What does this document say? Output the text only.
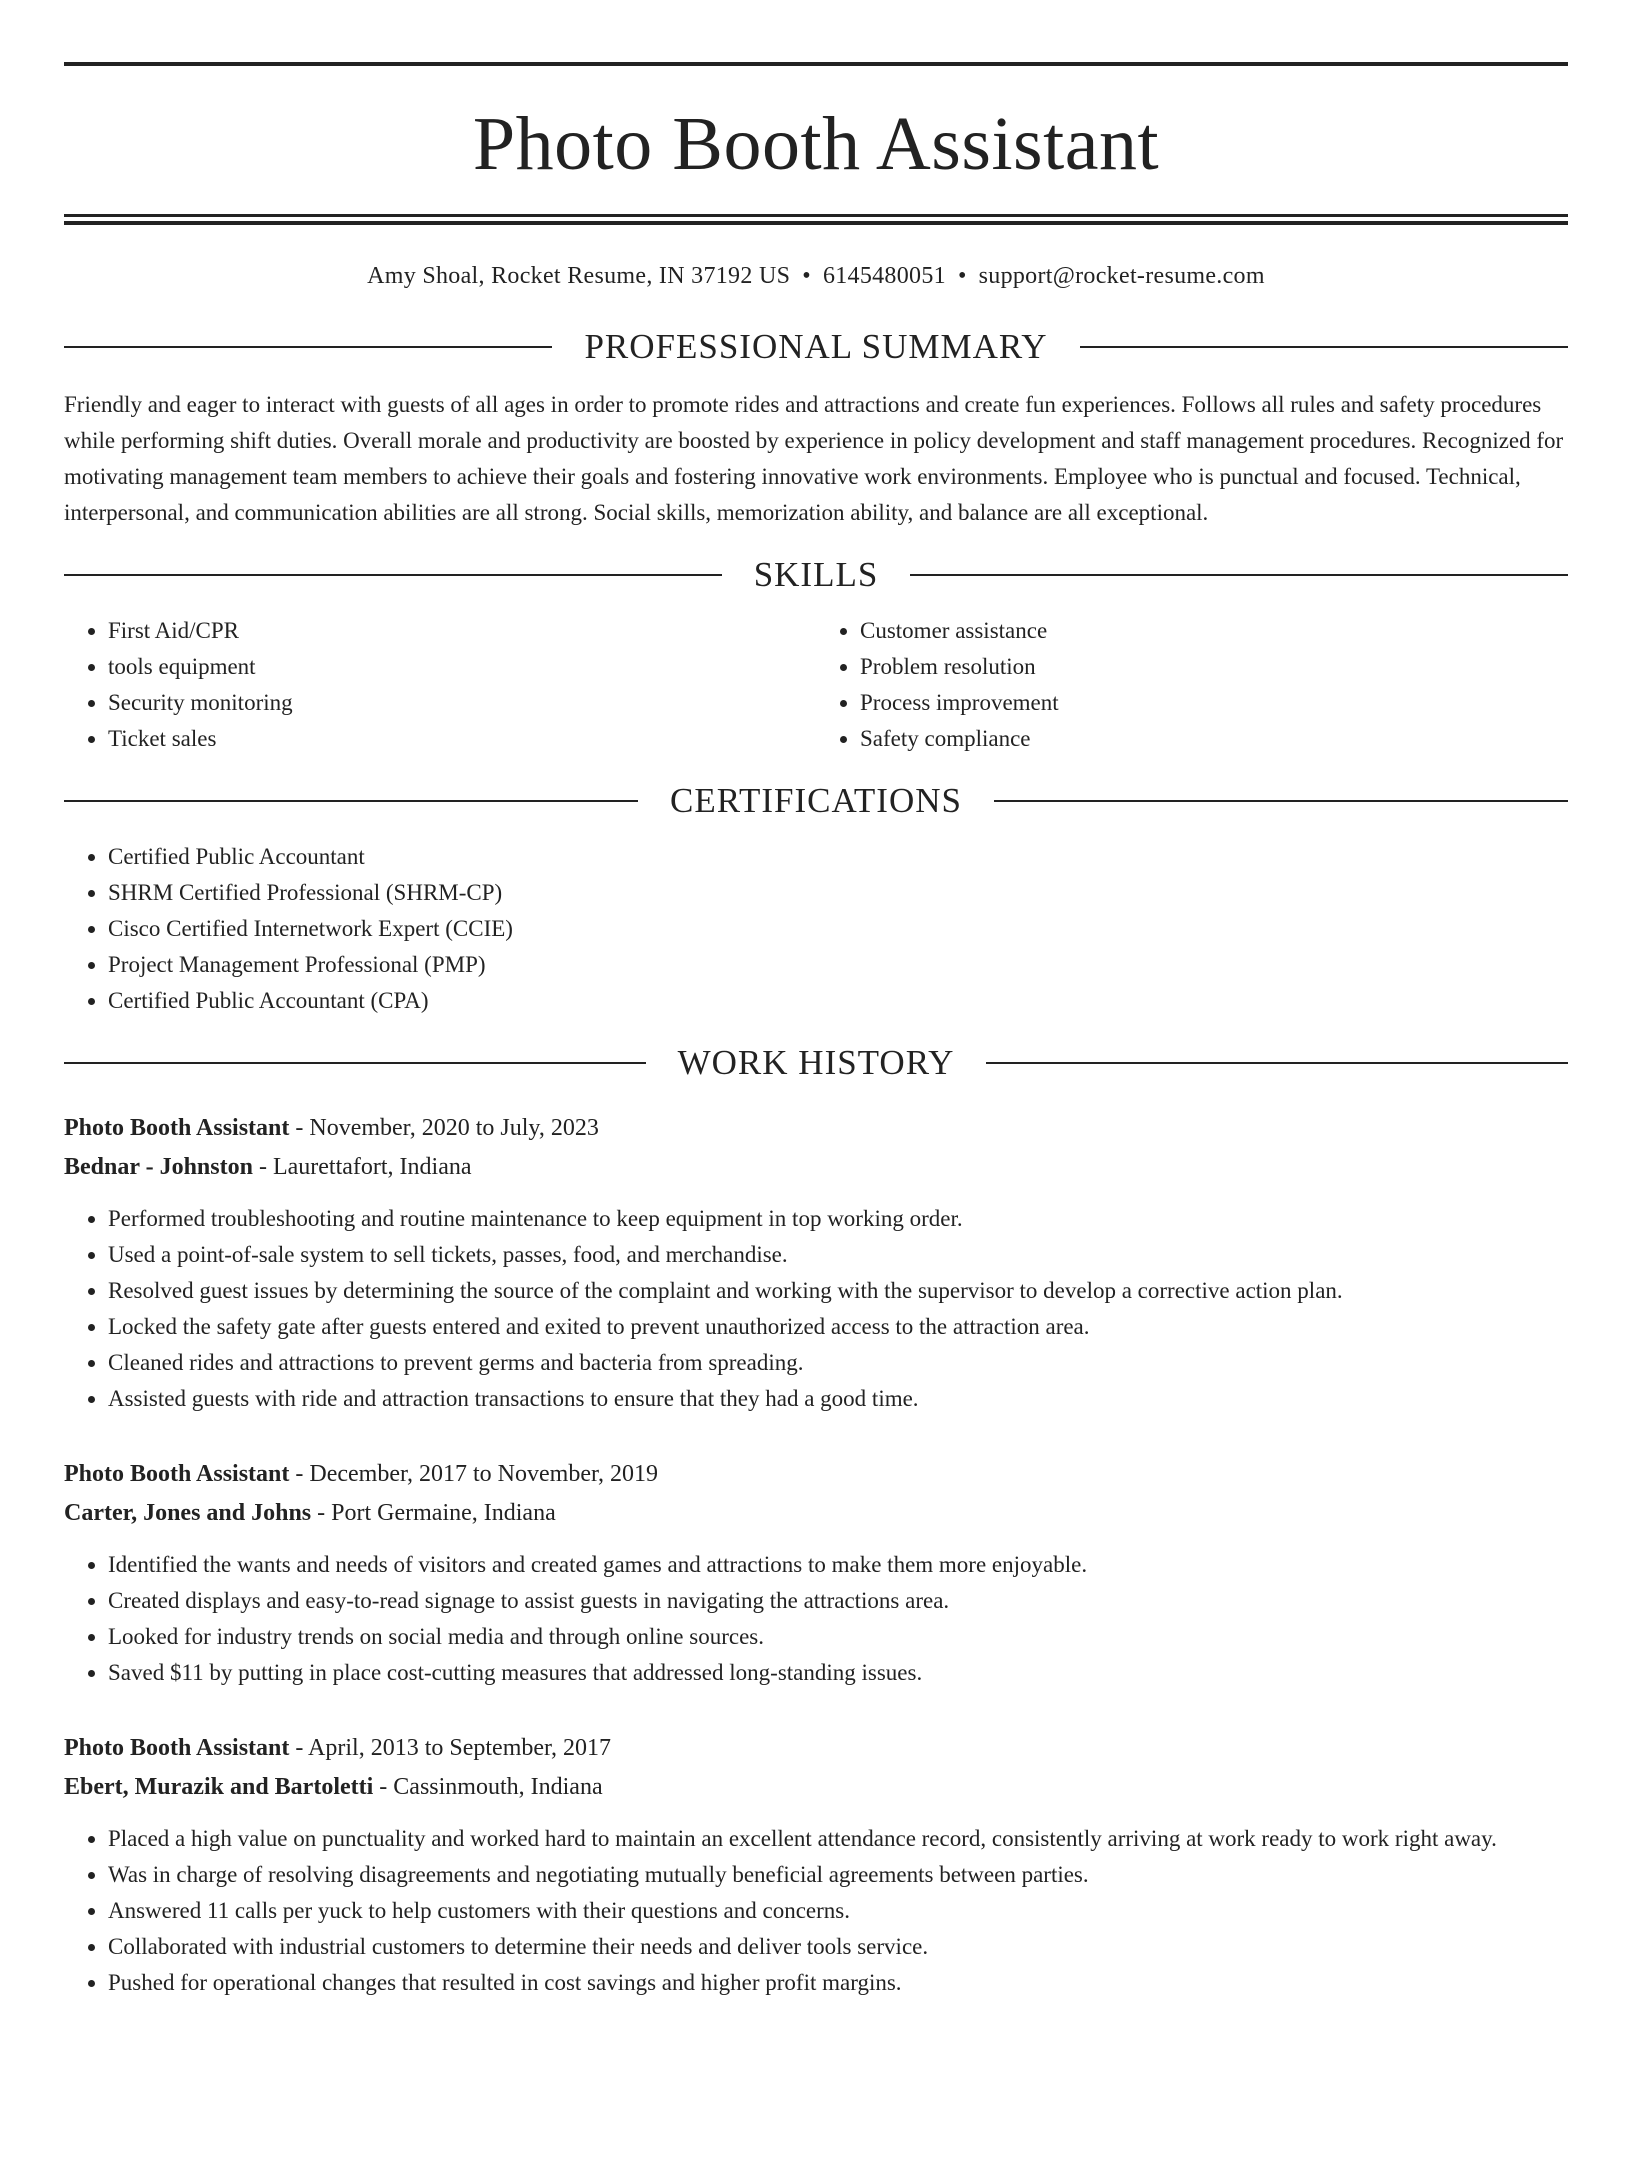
Photo Booth Assistant
Amy Shoal, Rocket Resume, IN 37192 US • 6145480051 • support@rocket-resume.com
PROFESSIONAL SUMMARY

Friendly and eager to interact with guests of all ages in order to promote rides and attractions and create fun experiences. Follows all rules and safety procedures while performing shift duties. Overall morale and productivity are boosted by experience in policy development and staff management procedures. Recognized for motivating management team members to achieve their goals and fostering innovative work environments. Employee who is punctual and focused. Technical, interpersonal, and communication abilities are all strong. Social skills, memorization ability, and balance are all exceptional.

SKILLS
• First Aid/CPR
• tools equipment
• Security monitoring
• Ticket sales
• Customer assistance
• Problem resolution
• Process improvement
• Safety compliance
CERTIFICATIONS
• Certified Public Accountant
• SHRM Certified Professional (SHRM-CP)
• Cisco Certified Internetwork Expert (CCIE)
• Project Management Professional (PMP)
• Certified Public Accountant (CPA)
WORK HISTORY
Photo Booth Assistant - November, 2020 to July, 2023
Bednar - Johnston - Laurettafort, Indiana
• Performed troubleshooting and routine maintenance to keep equipment in top working order.
• Used a point-of-sale system to sell tickets, passes, food, and merchandise.
• Resolved guest issues by determining the source of the complaint and working with the supervisor to develop a corrective action plan.
• Locked the safety gate after guests entered and exited to prevent unauthorized access to the attraction area.
• Cleaned rides and attractions to prevent germs and bacteria from spreading.
• Assisted guests with ride and attraction transactions to ensure that they had a good time.
Photo Booth Assistant - December, 2017 to November, 2019
Carter, Jones and Johns - Port Germaine, Indiana
• Identified the wants and needs of visitors and created games and attractions to make them more enjoyable.
• Created displays and easy-to-read signage to assist guests in navigating the attractions area.
• Looked for industry trends on social media and through online sources.
• Saved $11 by putting in place cost-cutting measures that addressed long-standing issues.
Photo Booth Assistant - April, 2013 to September, 2017
Ebert, Murazik and Bartoletti - Cassinmouth, Indiana
• Placed a high value on punctuality and worked hard to maintain an excellent attendance record, consistently arriving at work ready to work right away.
• Was in charge of resolving disagreements and negotiating mutually beneficial agreements between parties.
• Answered 11 calls per yuck to help customers with their questions and concerns.
• Collaborated with industrial customers to determine their needs and deliver tools service.
• Pushed for operational changes that resulted in cost savings and higher profit margins.
